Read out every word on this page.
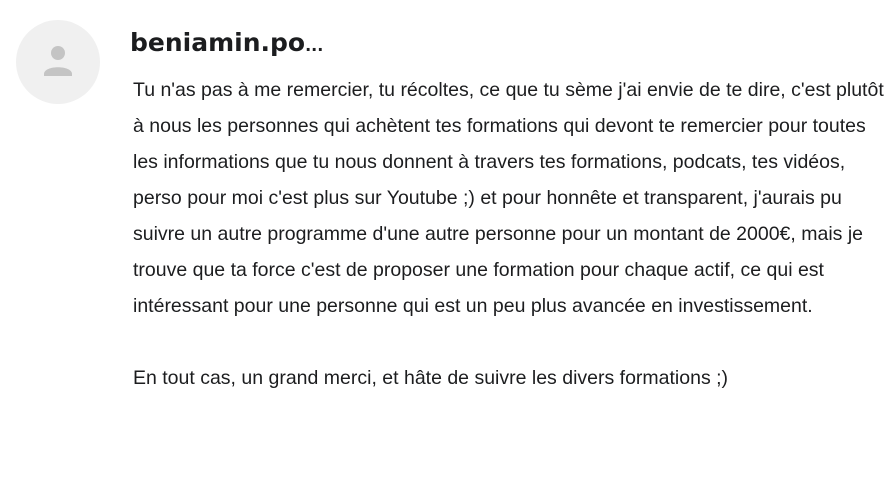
beniamin.po...

Tu n'as pas à me remercier, tu récoltes, ce que tu sème j'ai envie de te dire, c'est plutôt à nous les personnes qui achètent tes formations qui devont te remercier pour toutes les informations que tu nous donnent à travers tes formations, podcats, tes vidéos, perso pour moi c'est plus sur Youtube ;) et pour honnête et transparent, j'aurais pu suivre un autre programme d'une autre personne pour un montant de 2000€, mais je trouve que ta force c'est de proposer une formation pour chaque actif, ce qui est intéressant pour une personne qui est un peu plus avancée en investissement.

En tout cas, un grand merci, et hâte de suivre les divers formations ;)
